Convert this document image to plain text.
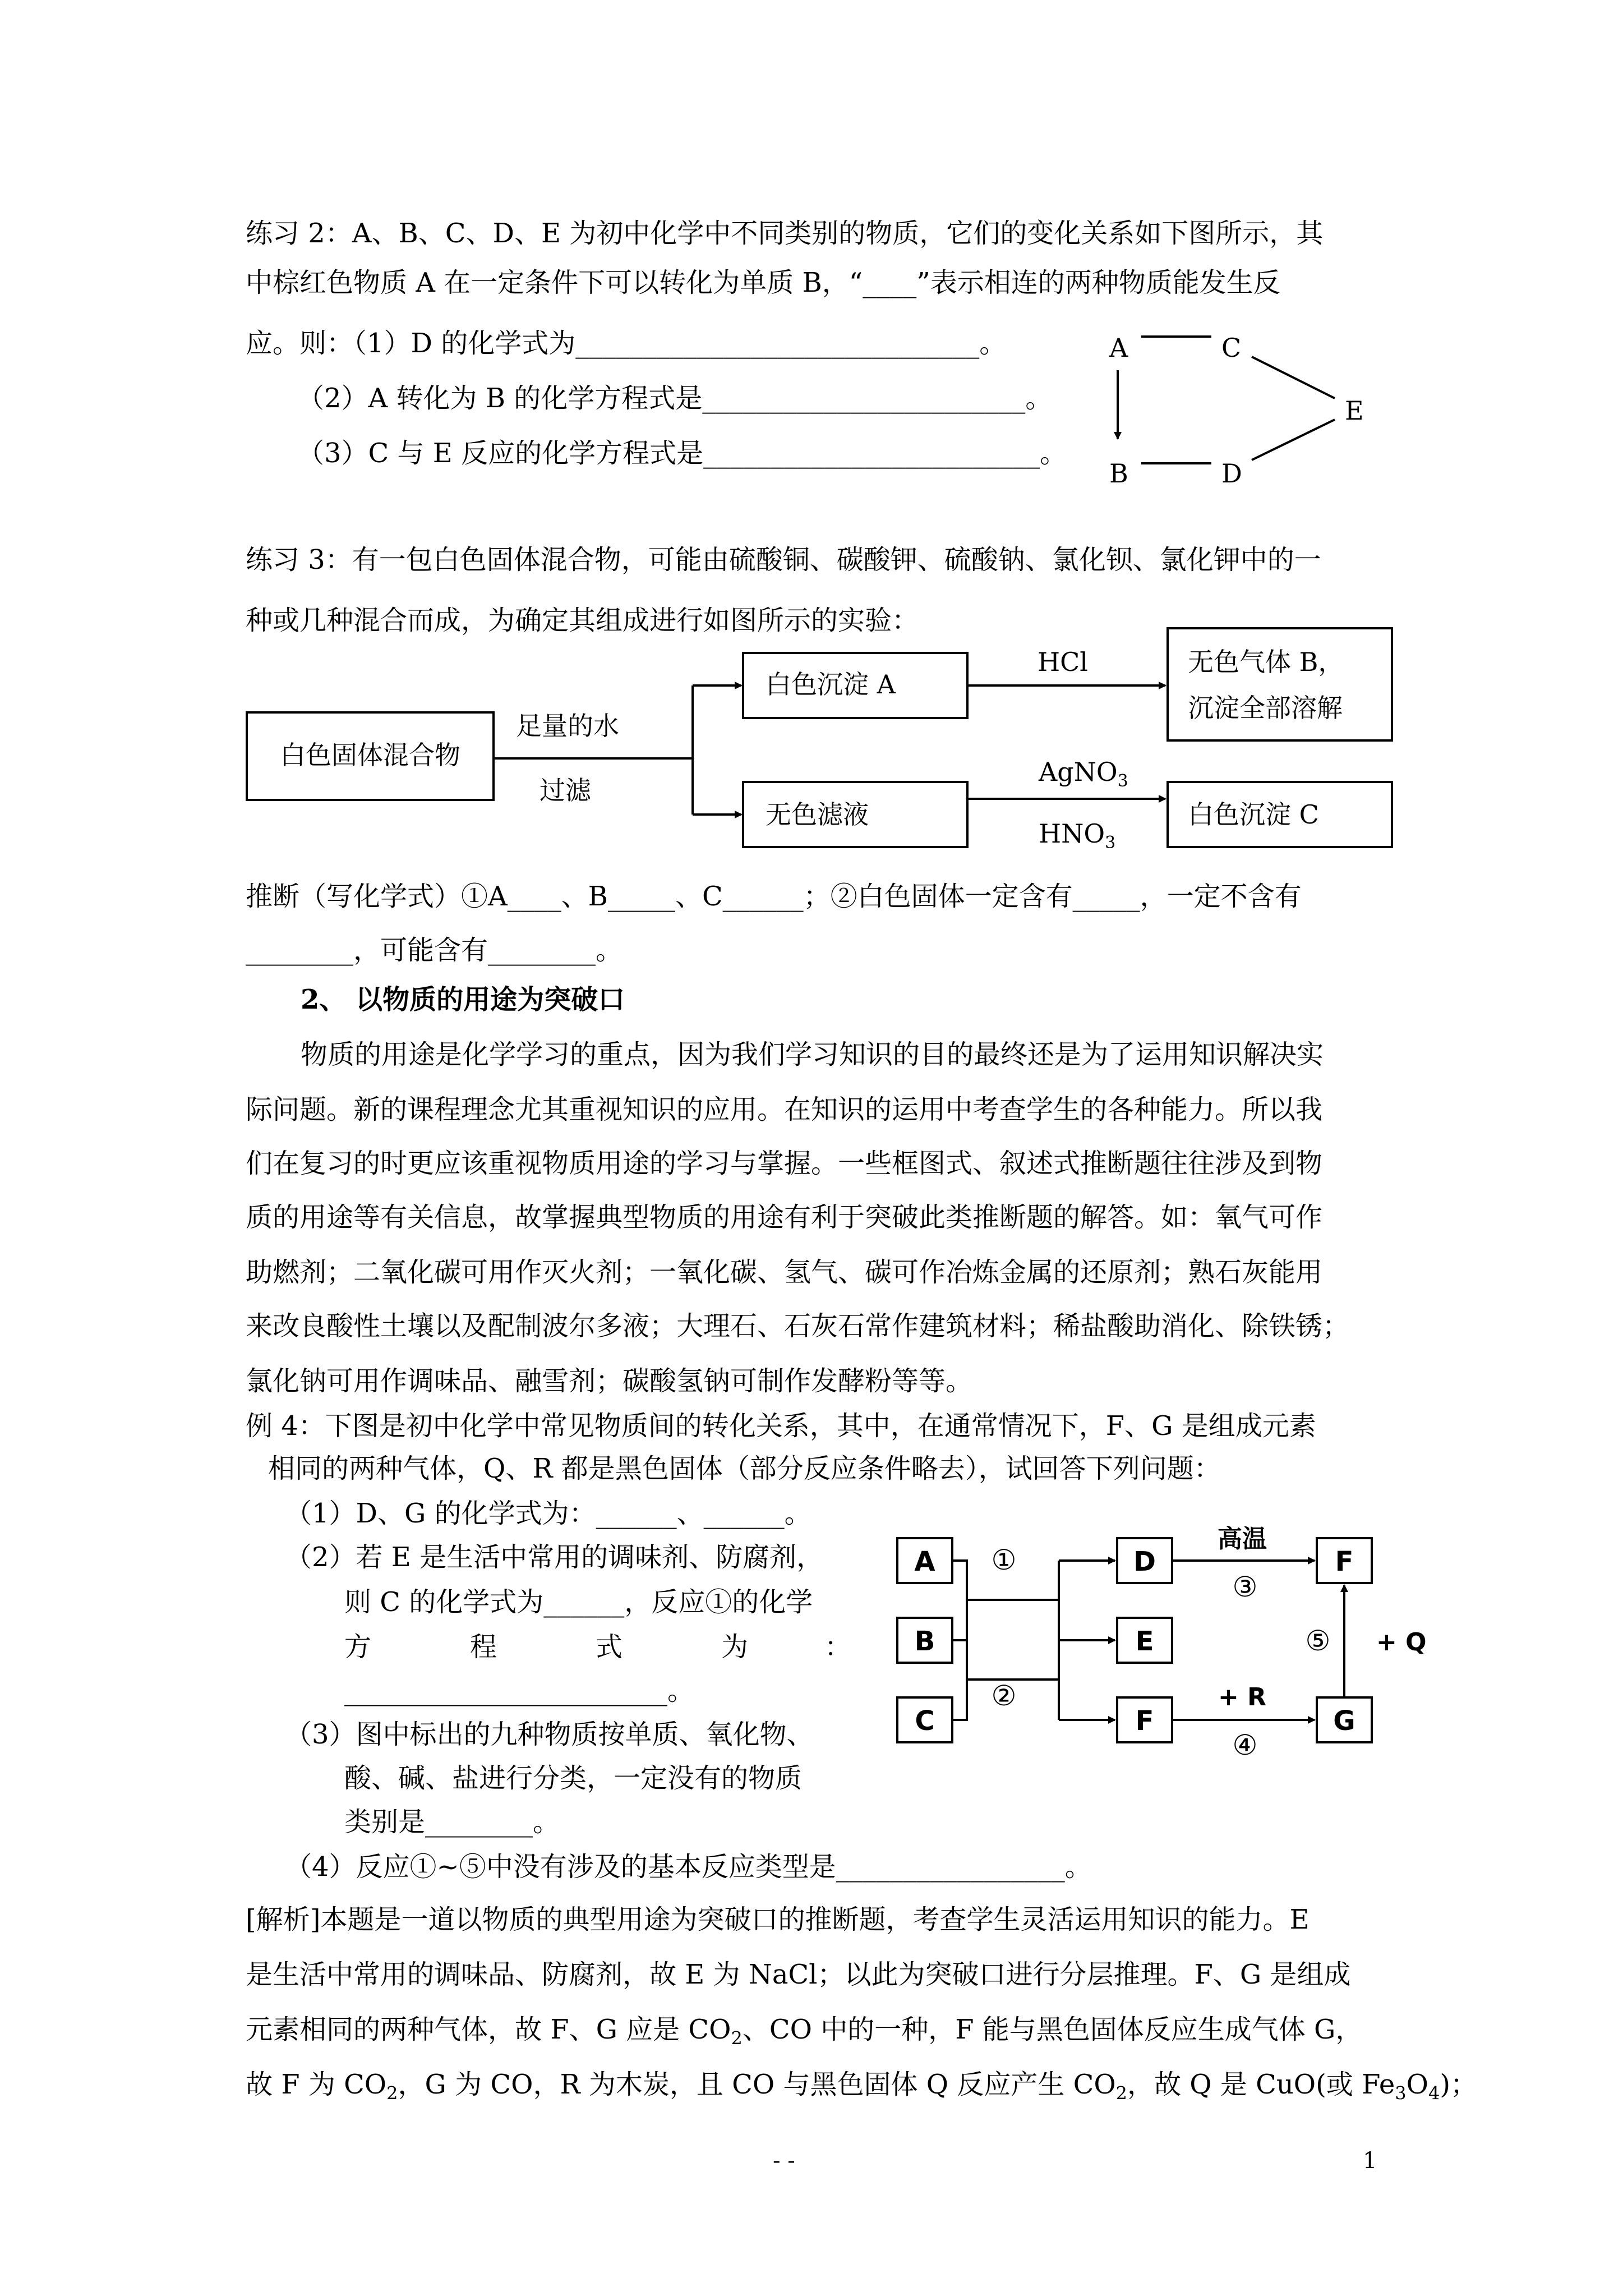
练习 2：A、B、C、D、E 为初中化学中不同类别的物质，它们的变化关系如下图所示，其
中棕红色物质 A 在一定条件下可以转化为单质 B，“____”表示相连的两种物质能发生反
应。则：（1）D 的化学式为______________________________。
（2）A 转化为 B 的化学方程式是________________________。
（3）C 与 E 反应的化学方程式是_________________________。
A	C
E
B	D
练习 3：有一包白色固体混合物，可能由硫酸铜、碳酸钾、硫酸钠、氯化钡、氯化钾中的一
种或几种混合而成，为确定其组成进行如图所示的实验：
白色固体混合物
足量的水
过滤
白色沉淀 A
无色滤液
HCl	无色气体 B，
沉淀全部溶解
AgNO$_3$
$HNO_3$
白色沉淀 C
推断（写化学式）①A____、B_____、C______；②白色固体一定含有_____，一定不含有
________，可能含有________。
2、 以物质的用途为突破口
物质的用途是化学学习的重点，因为我们学习知识的目的最终还是为了运用知识解决实
际问题。新的课程理念尤其重视知识的应用。在知识的运用中考查学生的各种能力。所以我
们在复习的时更应该重视物质用途的学习与掌握。一些框图式、叙述式推断题往往涉及到物
质的用途等有关信息，故掌握典型物质的用途有利于突破此类推断题的解答。如：氧气可作
助燃剂；二氧化碳可用作灭火剂；一氧化碳、氢气、碳可作冶炼金属的还原剂；熟石灰能用
来改良酸性土壤以及配制波尔多液；大理石、石灰石常作建筑材料；稀盐酸助消化、除铁锈；
氯化钠可用作调味品、融雪剂；碳酸氢钠可制作发酵粉等等。
例 4：下图是初中化学中常见物质间的转化关系，其中，在通常情况下，F、G 是组成元素
相同的两种气体，Q、R 都是黑色固体（部分反应条件略去），试回答下列问题：
（1）D、G 的化学式为：______、______。
（2）若 E 是生活中常用的调味剂、防腐剂，
则 C 的化学式为______，反应①的化学
方	程	式	为	：
________________________。
（3）图中标出的九种物质按单质、氧化物、
酸、碱、盐进行分类，一定没有的物质
类别是________。
（4）反应①~⑤中没有涉及的基本反应类型是_________________。
A
B
C
D
E
F
F
G
①
②
③
④
⑤
高温
+ R
+ Q
[解析]本题是一道以物质的典型用途为突破口的推断题，考查学生灵活运用知识的能力。E
是生活中常用的调味品、防腐剂，故 E 为 NaCl；以此为突破口进行分层推理。F、G 是组成
元素相同的两种气体，故 F、G 应是 $CO_2$、CO 中的一种，F 能与黑色固体反应生成气体 G，
故 F 为 $CO_2$，G 为 CO，R 为木炭，且 CO 与黑色固体 Q 反应产生 $CO_2$，故 Q 是 CuO(或 $Fe_3O_4$)；
- -	1
